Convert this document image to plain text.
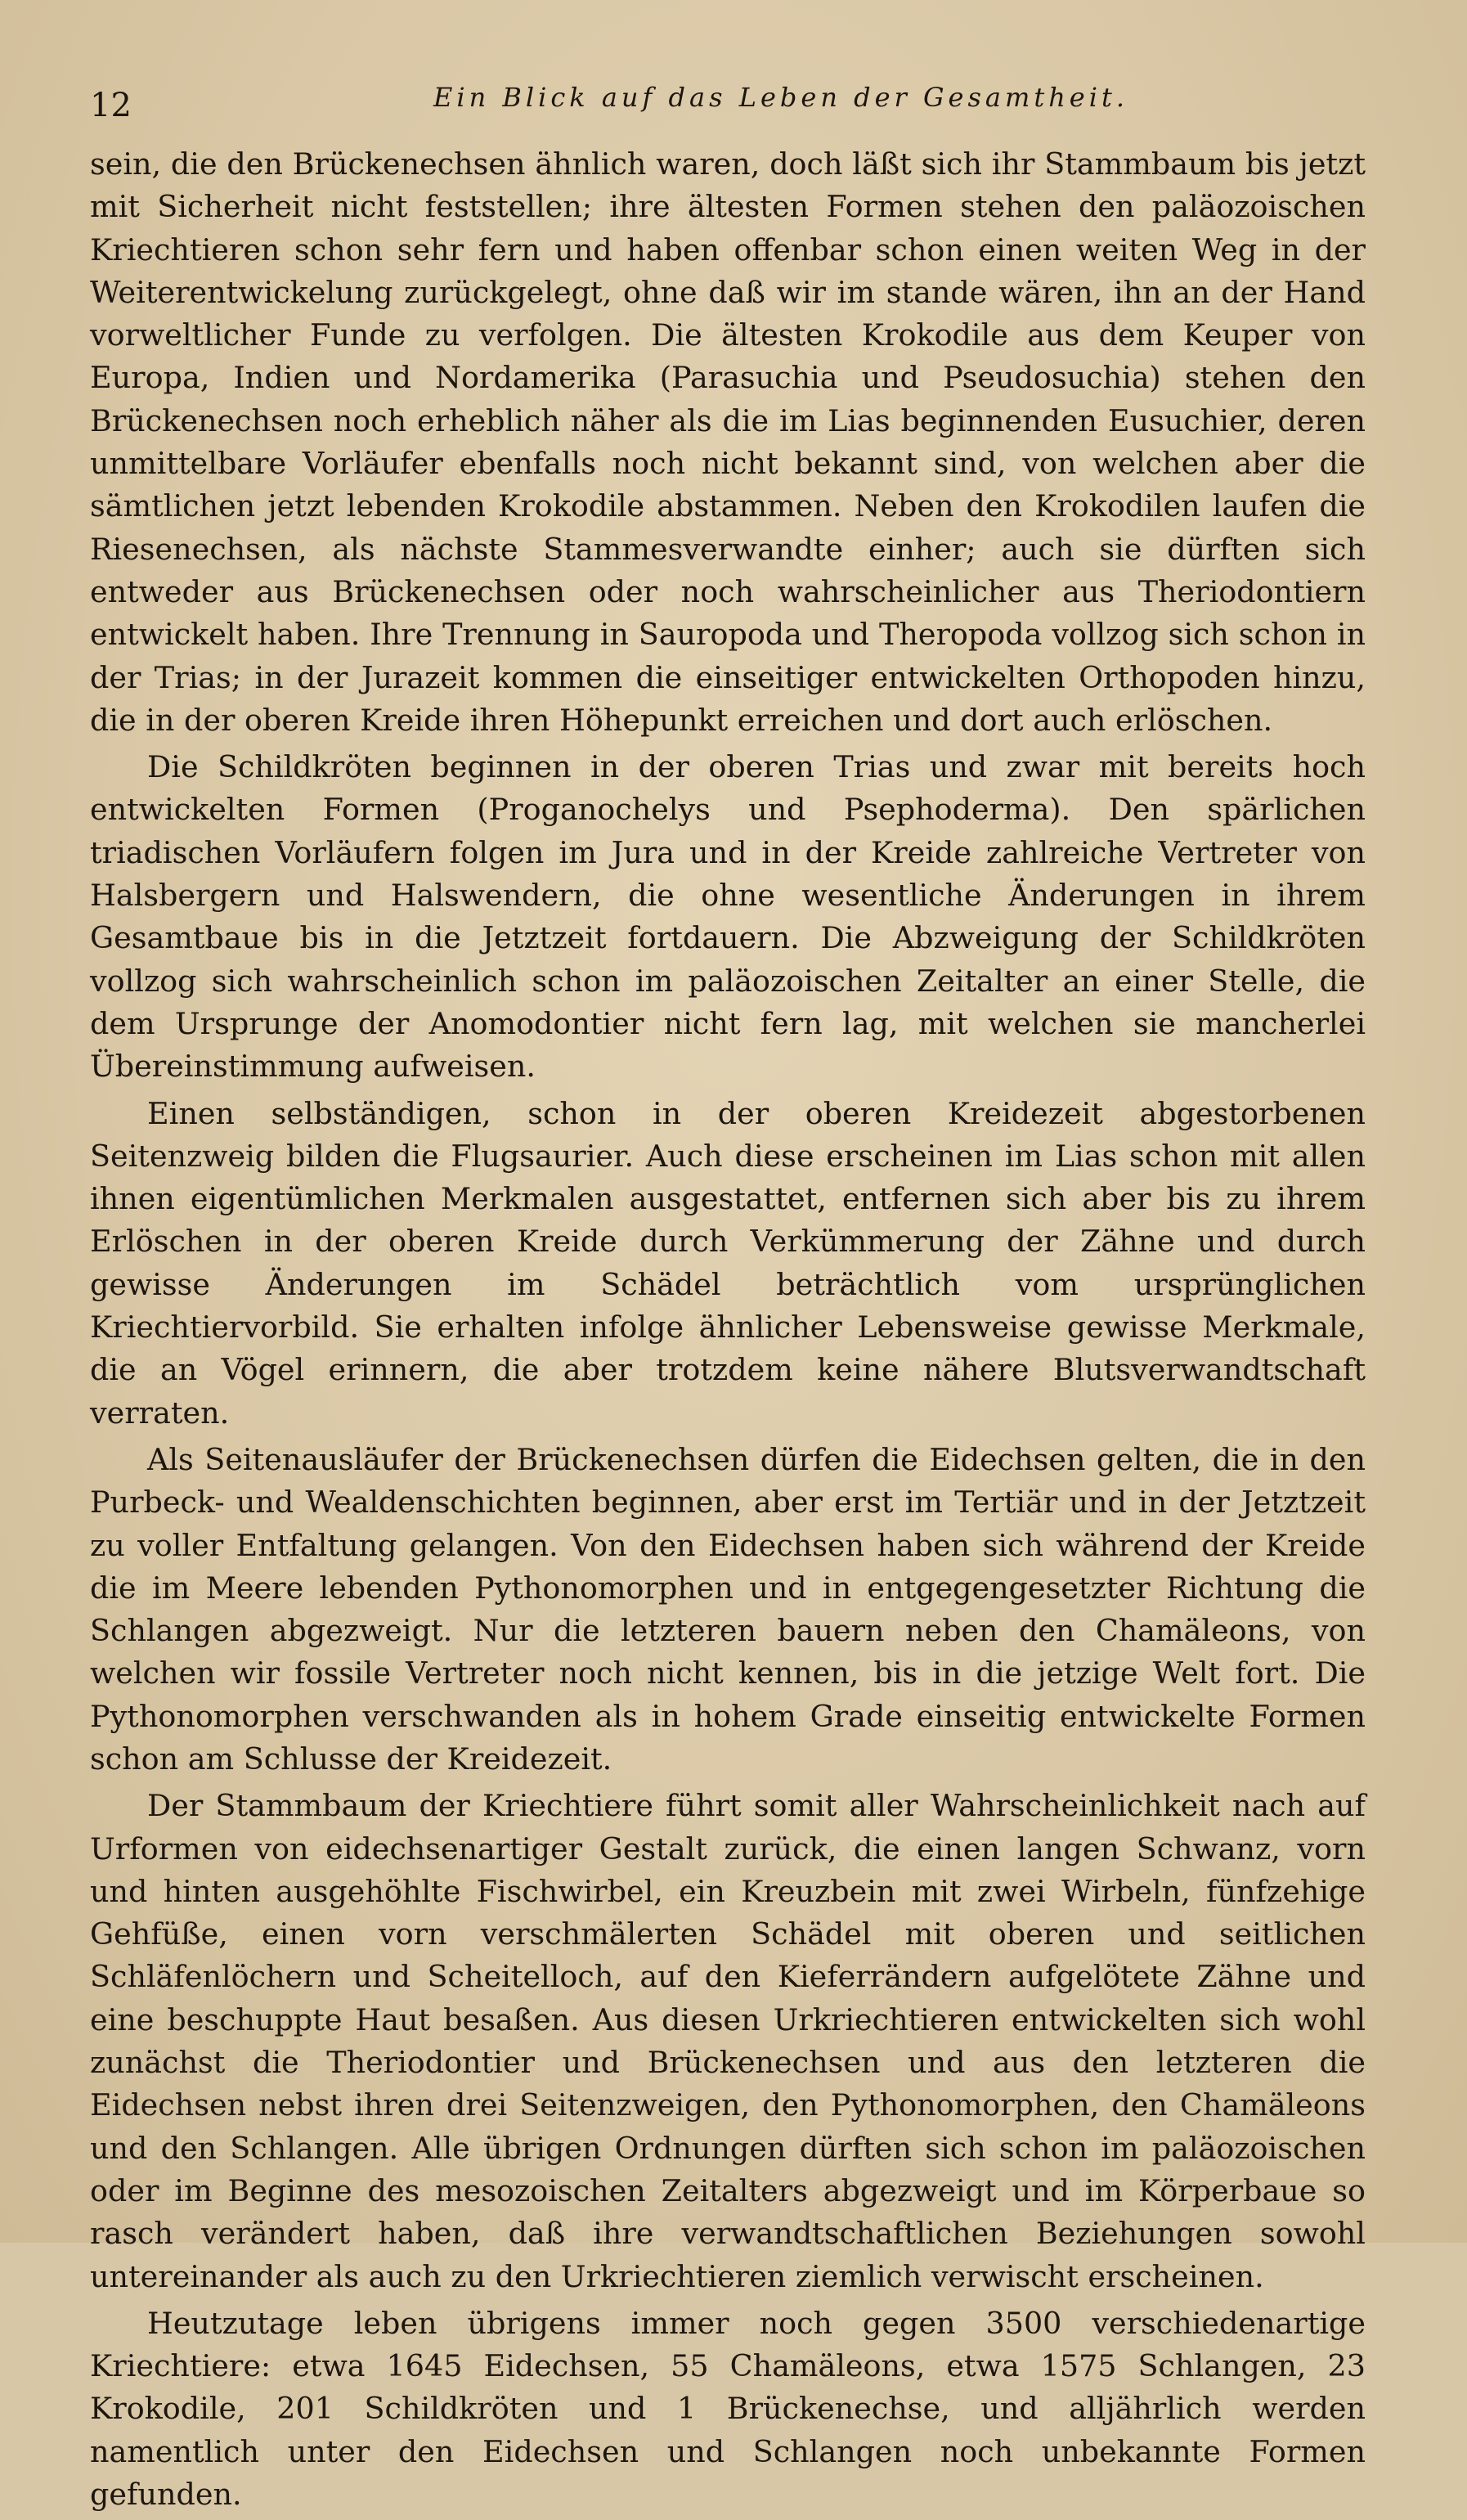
12	Ein Blick auf das Leben der Gesamtheit.

sein, die den Brückenechsen ähnlich waren, doch läßt sich ihr Stammbaum bis jetzt mit Sicherheit nicht feststellen; ihre ältesten Formen stehen den paläozoischen Kriechtieren schon sehr fern und haben offenbar schon einen weiten Weg in der Weiterentwickelung zurückgelegt, ohne daß wir im stande wären, ihn an der Hand vorweltlicher Funde zu verfolgen. Die ältesten Krokodile aus dem Keuper von Europa, Indien und Nordamerika (Parasuchia und Pseudosuchia) stehen den Brückenechsen noch erheblich näher als die im Lias beginnenden Eusuchier, deren unmittelbare Vorläufer ebenfalls noch nicht bekannt sind, von welchen aber die sämtlichen jetzt lebenden Krokodile abstammen. Neben den Krokodilen laufen die Riesenechsen, als nächste Stammesverwandte einher; auch sie dürften sich entweder aus Brückenechsen oder noch wahrscheinlicher aus Theriodontiern entwickelt haben. Ihre Trennung in Sauropoda und Theropoda vollzog sich schon in der Trias; in der Jurazeit kommen die einseitiger entwickelten Orthopoden hinzu, die in der oberen Kreide ihren Höhepunkt erreichen und dort auch erlöschen.

Die Schildkröten beginnen in der oberen Trias und zwar mit bereits hoch entwickelten Formen (Proganochelys und Psephoderma). Den spärlichen triadischen Vorläufern folgen im Jura und in der Kreide zahlreiche Vertreter von Halsbergern und Halswendern, die ohne wesentliche Änderungen in ihrem Gesamtbaue bis in die Jetztzeit fortdauern. Die Abzweigung der Schildkröten vollzog sich wahrscheinlich schon im paläozoischen Zeitalter an einer Stelle, die dem Ursprunge der Anomodontier nicht fern lag, mit welchen sie mancherlei Übereinstimmung aufweisen.

Einen selbständigen, schon in der oberen Kreidezeit abgestorbenen Seitenzweig bilden die Flugsaurier. Auch diese erscheinen im Lias schon mit allen ihnen eigentümlichen Merkmalen ausgestattet, entfernen sich aber bis zu ihrem Erlöschen in der oberen Kreide durch Verkümmerung der Zähne und durch gewisse Änderungen im Schädel beträchtlich vom ursprünglichen Kriechtiervorbild. Sie erhalten infolge ähnlicher Lebensweise gewisse Merkmale, die an Vögel erinnern, die aber trotzdem keine nähere Blutsverwandtschaft verraten.

Als Seitenausläufer der Brückenechsen dürfen die Eidechsen gelten, die in den Purbeck- und Wealdenschichten beginnen, aber erst im Tertiär und in der Jetztzeit zu voller Entfaltung gelangen. Von den Eidechsen haben sich während der Kreide die im Meere lebenden Pythonomorphen und in entgegengesetzter Richtung die Schlangen abgezweigt. Nur die letzteren bauern neben den Chamäleons, von welchen wir fossile Vertreter noch nicht kennen, bis in die jetzige Welt fort. Die Pythonomorphen verschwanden als in hohem Grade einseitig entwickelte Formen schon am Schlusse der Kreidezeit.

Der Stammbaum der Kriechtiere führt somit aller Wahrscheinlichkeit nach auf Urformen von eidechsenartiger Gestalt zurück, die einen langen Schwanz, vorn und hinten ausgehöhlte Fischwirbel, ein Kreuzbein mit zwei Wirbeln, fünfzehige Gehfüße, einen vorn verschmälerten Schädel mit oberen und seitlichen Schläfenlöchern und Scheitelloch, auf den Kieferrändern aufgelötete Zähne und eine beschuppte Haut besaßen. Aus diesen Urkriechtieren entwickelten sich wohl zunächst die Theriodontier und Brückenechsen und aus den letzteren die Eidechsen nebst ihren drei Seitenzweigen, den Pythonomorphen, den Chamäleons und den Schlangen. Alle übrigen Ordnungen dürften sich schon im paläozoischen oder im Beginne des mesozoischen Zeitalters abgezweigt und im Körperbaue so rasch verändert haben, daß ihre verwandtschaftlichen Beziehungen sowohl untereinander als auch zu den Urkriechtieren ziemlich verwischt erscheinen.

Heutzutage leben übrigens immer noch gegen 3500 verschiedenartige Kriechtiere: etwa 1645 Eidechsen, 55 Chamäleons, etwa 1575 Schlangen, 23 Krokodile, 201 Schildkröten und 1 Brückenechse, und alljährlich werden namentlich unter den Eidechsen und Schlangen noch unbekannte Formen gefunden.
